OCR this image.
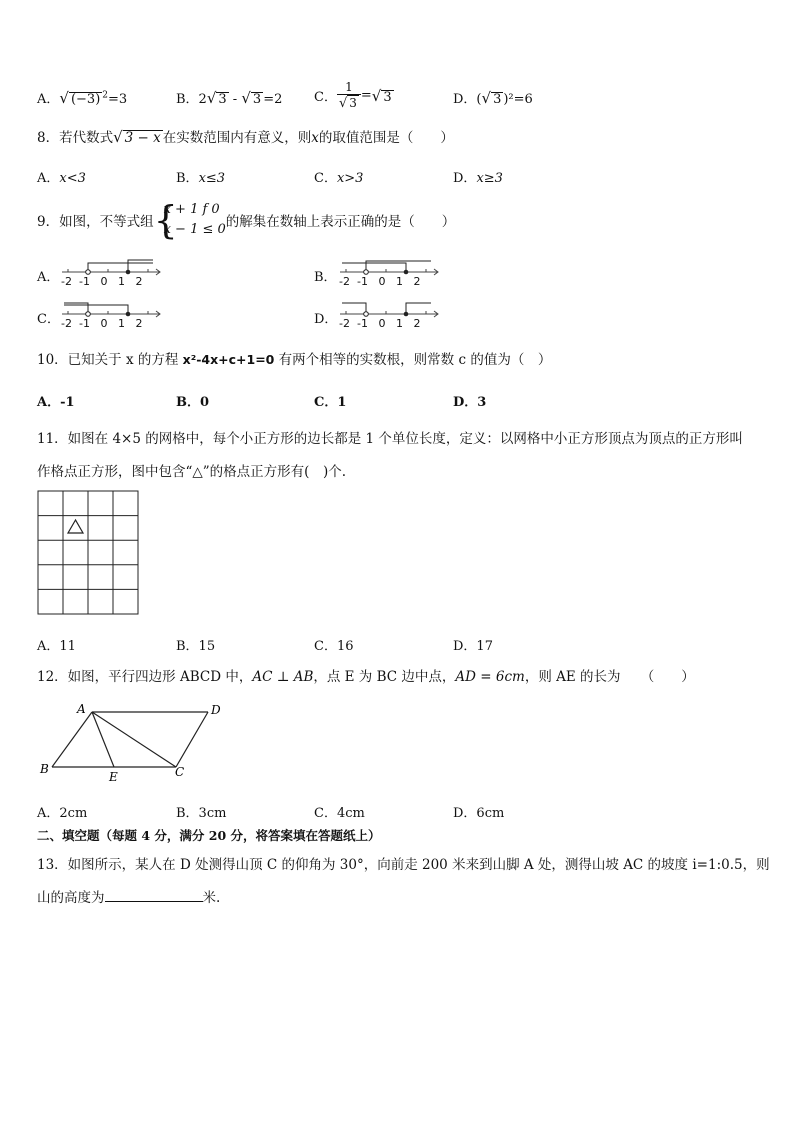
A．√ (−3) $^2$=3	B．2√ 3 - √ 3 =2 C． $\frac{1}{√ 3}$ =√ 3	D．(√ 3 )²=6
8．若代数式√ 3 − x 在实数范围内有意义，则x的取值范围是（　　）
A．x<3	B．x≤3	C．x>3	D．x≥3
9．如图，不等式组 {
x + 1 f 0
x − 1 ≤ 0 的解集在数轴上表示正确的是（　　）
A． -2 -1 0 1 2	B． -2 -1 0 1 2
C． -2 -1 0 1 2	D． -2 -1 0 1 2
10．已知关于 x 的方程 x²-4x+c+1=0 有两个相等的实数根，则常数 c 的值为（　）
A．-1	B．0	C．1	D．3
11．如图在 4×5 的网格中，每个小正方形的边长都是 1 个单位长度，定义：以网格中小正方形顶点为顶点的正方形叫
作格点正方形，图中包含“△”的格点正方形有(　)个.
A．11	B．15	C．16	D．17
12．如图，平行四边形 ABCD 中，AC ⊥ AB，点 E 为 BC 边中点，AD = 6cm，则 AE 的长为　　（　　）
A	D
B	C
E
A．2cm	B．3cm	C．4cm	D．6cm
二、填空题（每题 4 分，满分 20 分，将答案填在答题纸上）
13．如图所示，某人在 D 处测得山顶 C 的仰角为 30°，向前走 200 米来到山脚 A 处，测得山坡 AC 的坡度 i=1:0.5，则
山的高度为	米.
